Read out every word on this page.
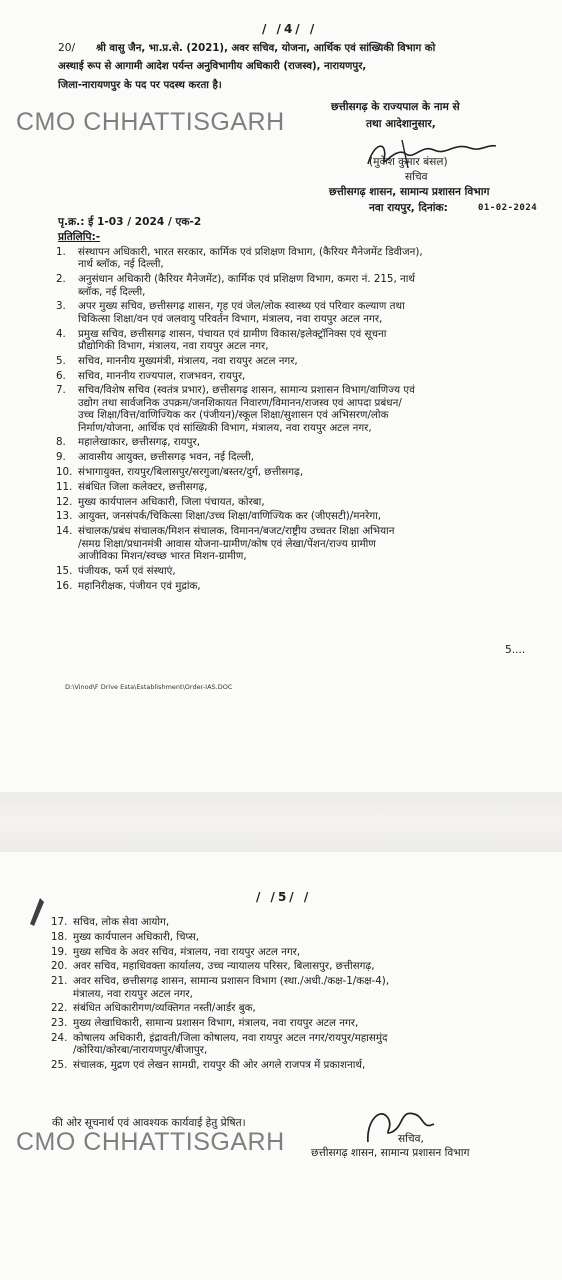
/ /4/ /
20/ श्री वासु जैन, भा.प्र.से. (2021), अवर सचिव, योजना, आर्थिक एवं सांख्यिकी विभाग को
अस्थाई रूप से आगामी आदेश पर्यन्त अनुविभागीय अधिकारी (राजस्व), नारायणपुर,
जिला-नारायणपुर के पद पर पदस्थ करता है।
छत्तीसगढ़ के राज्यपाल के नाम से
तथा आदेशानुसार,
CMO CHHATTISGARH
(मुकेश कुमार बंसल)
सचिव
छत्तीसगढ़ शासन, सामान्य प्रशासन विभाग
नवा रायपुर, दिनांक:	01-02-2024
पृ.क्र.: ई 1-03 / 2024 / एक-2
प्रतिलिपि:-
1.	संस्थापन अधिकारी, भारत सरकार, कार्मिक एवं प्रशिक्षण विभाग, (कैरियर मैनेजमेंट डिवीजन),
नार्थ ब्लॉक, नई दिल्ली,
2.	अनुसंधान अधिकारी (कैरियर मैनेजमेंट), कार्मिक एवं प्रशिक्षण विभाग, कमरा नं. 215, नार्थ
ब्लॉक, नई दिल्ली,
3.	अपर मुख्य सचिव, छत्तीसगढ़ शासन, गृह एवं जेल/लोक स्वास्थ्य एवं परिवार कल्याण तथा
चिकित्सा शिक्षा/वन एवं जलवायु परिवर्तन विभाग, मंत्रालय, नवा रायपुर अटल नगर,
4.	प्रमुख सचिव, छत्तीसगढ़ शासन, पंचायत एवं ग्रामीण विकास/इलेक्ट्रॉनिक्स एवं सूचना
प्रौद्योगिकी विभाग, मंत्रालय, नवा रायपुर अटल नगर,
5.	सचिव, माननीय मुख्यमंत्री, मंत्रालय, नवा रायपुर अटल नगर,
6.	सचिव, माननीय राज्यपाल, राजभवन, रायपुर,
7.	सचिव/विशेष सचिव (स्वतंत्र प्रभार), छत्तीसगढ़ शासन, सामान्य प्रशासन विभाग/वाणिज्य एवं
उद्योग तथा सार्वजनिक उपक्रम/जनशिकायत निवारण/विमानन/राजस्व एवं आपदा प्रबंधन/
उच्च शिक्षा/वित्त/वाणिज्यिक कर (पंजीयन)/स्कूल शिक्षा/सुशासन एवं अभिसरण/लोक
निर्माण/योजना, आर्थिक एवं सांख्यिकी विभाग, मंत्रालय, नवा रायपुर अटल नगर,
8.	महालेखाकार, छत्तीसगढ़, रायपुर,
9.	आवासीय आयुक्त, छत्तीसगढ़ भवन, नई दिल्ली,
10. संभागायुक्त, रायपुर/बिलासपुर/सरगुजा/बस्तर/दुर्ग, छत्तीसगढ़,
11. संबंधित जिला कलेक्टर, छत्तीसगढ़,
12. मुख्य कार्यपालन अधिकारी, जिला पंचायत, कोरबा,
13. आयुक्त, जनसंपर्क/चिकित्सा शिक्षा/उच्च शिक्षा/वाणिज्यिक कर (जीएसटी)/मनरेगा,
14. संचालक/प्रबंध संचालक/मिशन संचालक, विमानन/बजट/राष्ट्रीय उच्चतर शिक्षा अभियान
/समग्र शिक्षा/प्रधानमंत्री आवास योजना-ग्रामीण/कोष एवं लेखा/पेंशन/राज्य ग्रामीण
आजीविका मिशन/स्वच्छ भारत मिशन-ग्रामीण,
15. पंजीयक, फर्म एवं संस्थाएं,
16. महानिरीक्षक, पंजीयन एवं मुद्रांक,
5....
D:\Vinod\F Drive Esta\Establishment\Order-IAS.DOC
/ /5/ /
17. सचिव, लोक सेवा आयोग,
18. मुख्य कार्यपालन अधिकारी, चिप्स,
19. मुख्य सचिव के अवर सचिव, मंत्रालय, नवा रायपुर अटल नगर,
20. अवर सचिव, महाधिवक्ता कार्यालय, उच्च न्यायालय परिसर, बिलासपुर, छत्तीसगढ़,
21. अवर सचिव, छत्तीसगढ़ शासन, सामान्य प्रशासन विभाग (स्था./अधी./कक्ष-1/कक्ष-4),
मंत्रालय, नवा रायपुर अटल नगर,
22. संबंधित अधिकारीगण/व्यक्तिगत नस्ती/आर्डर बुक,
23. मुख्य लेखाधिकारी, सामान्य प्रशासन विभाग, मंत्रालय, नवा रायपुर अटल नगर,
24. कोषालय अधिकारी, इंद्रावती/जिला कोषालय, नवा रायपुर अटल नगर/रायपुर/महासमुंद
/कोरिया/कोरबा/नारायणपुर/बीजापुर,
25. संचालक, मुद्रण एवं लेखन सामग्री, रायपुर की ओर अगले राजपत्र में प्रकाशनार्थ,
की ओर सूचनार्थ एवं आवश्यक कार्यवाई हेतु प्रेषित।
CMO CHHATTISGARH	सचिव,
छत्तीसगढ़ शासन, सामान्य प्रशासन विभाग
